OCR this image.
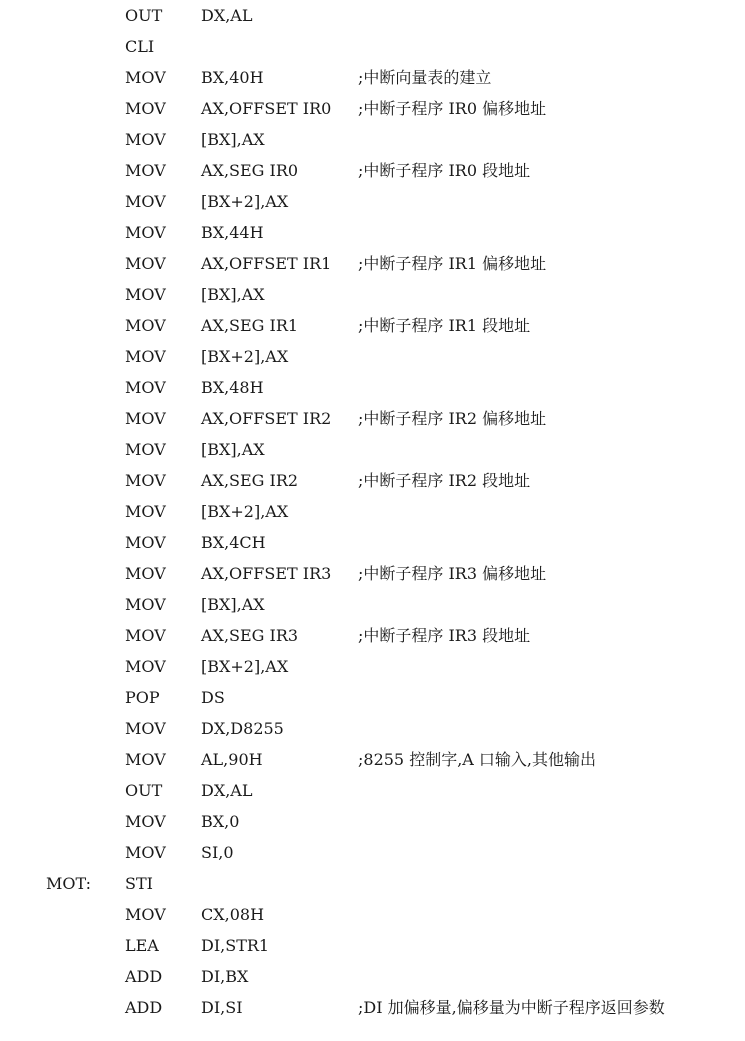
OUT DX,AL
CLI
MOV BX,40H	;中断向量表的建立
MOV AX,OFFSET IR0 ;中断子程序 IR0 偏移地址
MOV [BX],AX
MOV AX,SEG IR0	;中断子程序 IR0 段地址
MOV [BX+2],AX
MOV BX,44H
MOV AX,OFFSET IR1 ;中断子程序 IR1 偏移地址
MOV [BX],AX
MOV AX,SEG IR1	;中断子程序 IR1 段地址
MOV [BX+2],AX
MOV BX,48H
MOV AX,OFFSET IR2 ;中断子程序 IR2 偏移地址
MOV [BX],AX
MOV AX,SEG IR2	;中断子程序 IR2 段地址
MOV [BX+2],AX
MOV BX,4CH
MOV AX,OFFSET IR3 ;中断子程序 IR3 偏移地址
MOV [BX],AX
MOV AX,SEG IR3	;中断子程序 IR3 段地址
MOV [BX+2],AX
POP	DS
MOV DX,D8255
MOV AL,90H	;8255 控制字,A 口输入,其他输出
OUT DX,AL
MOV BX,0
MOV SI,0
MOT: STI
MOV CX,08H
LEA	DI,STR1
ADD DI,BX
ADD DI,SI	;DI 加偏移量,偏移量为中断子程序返回参数
